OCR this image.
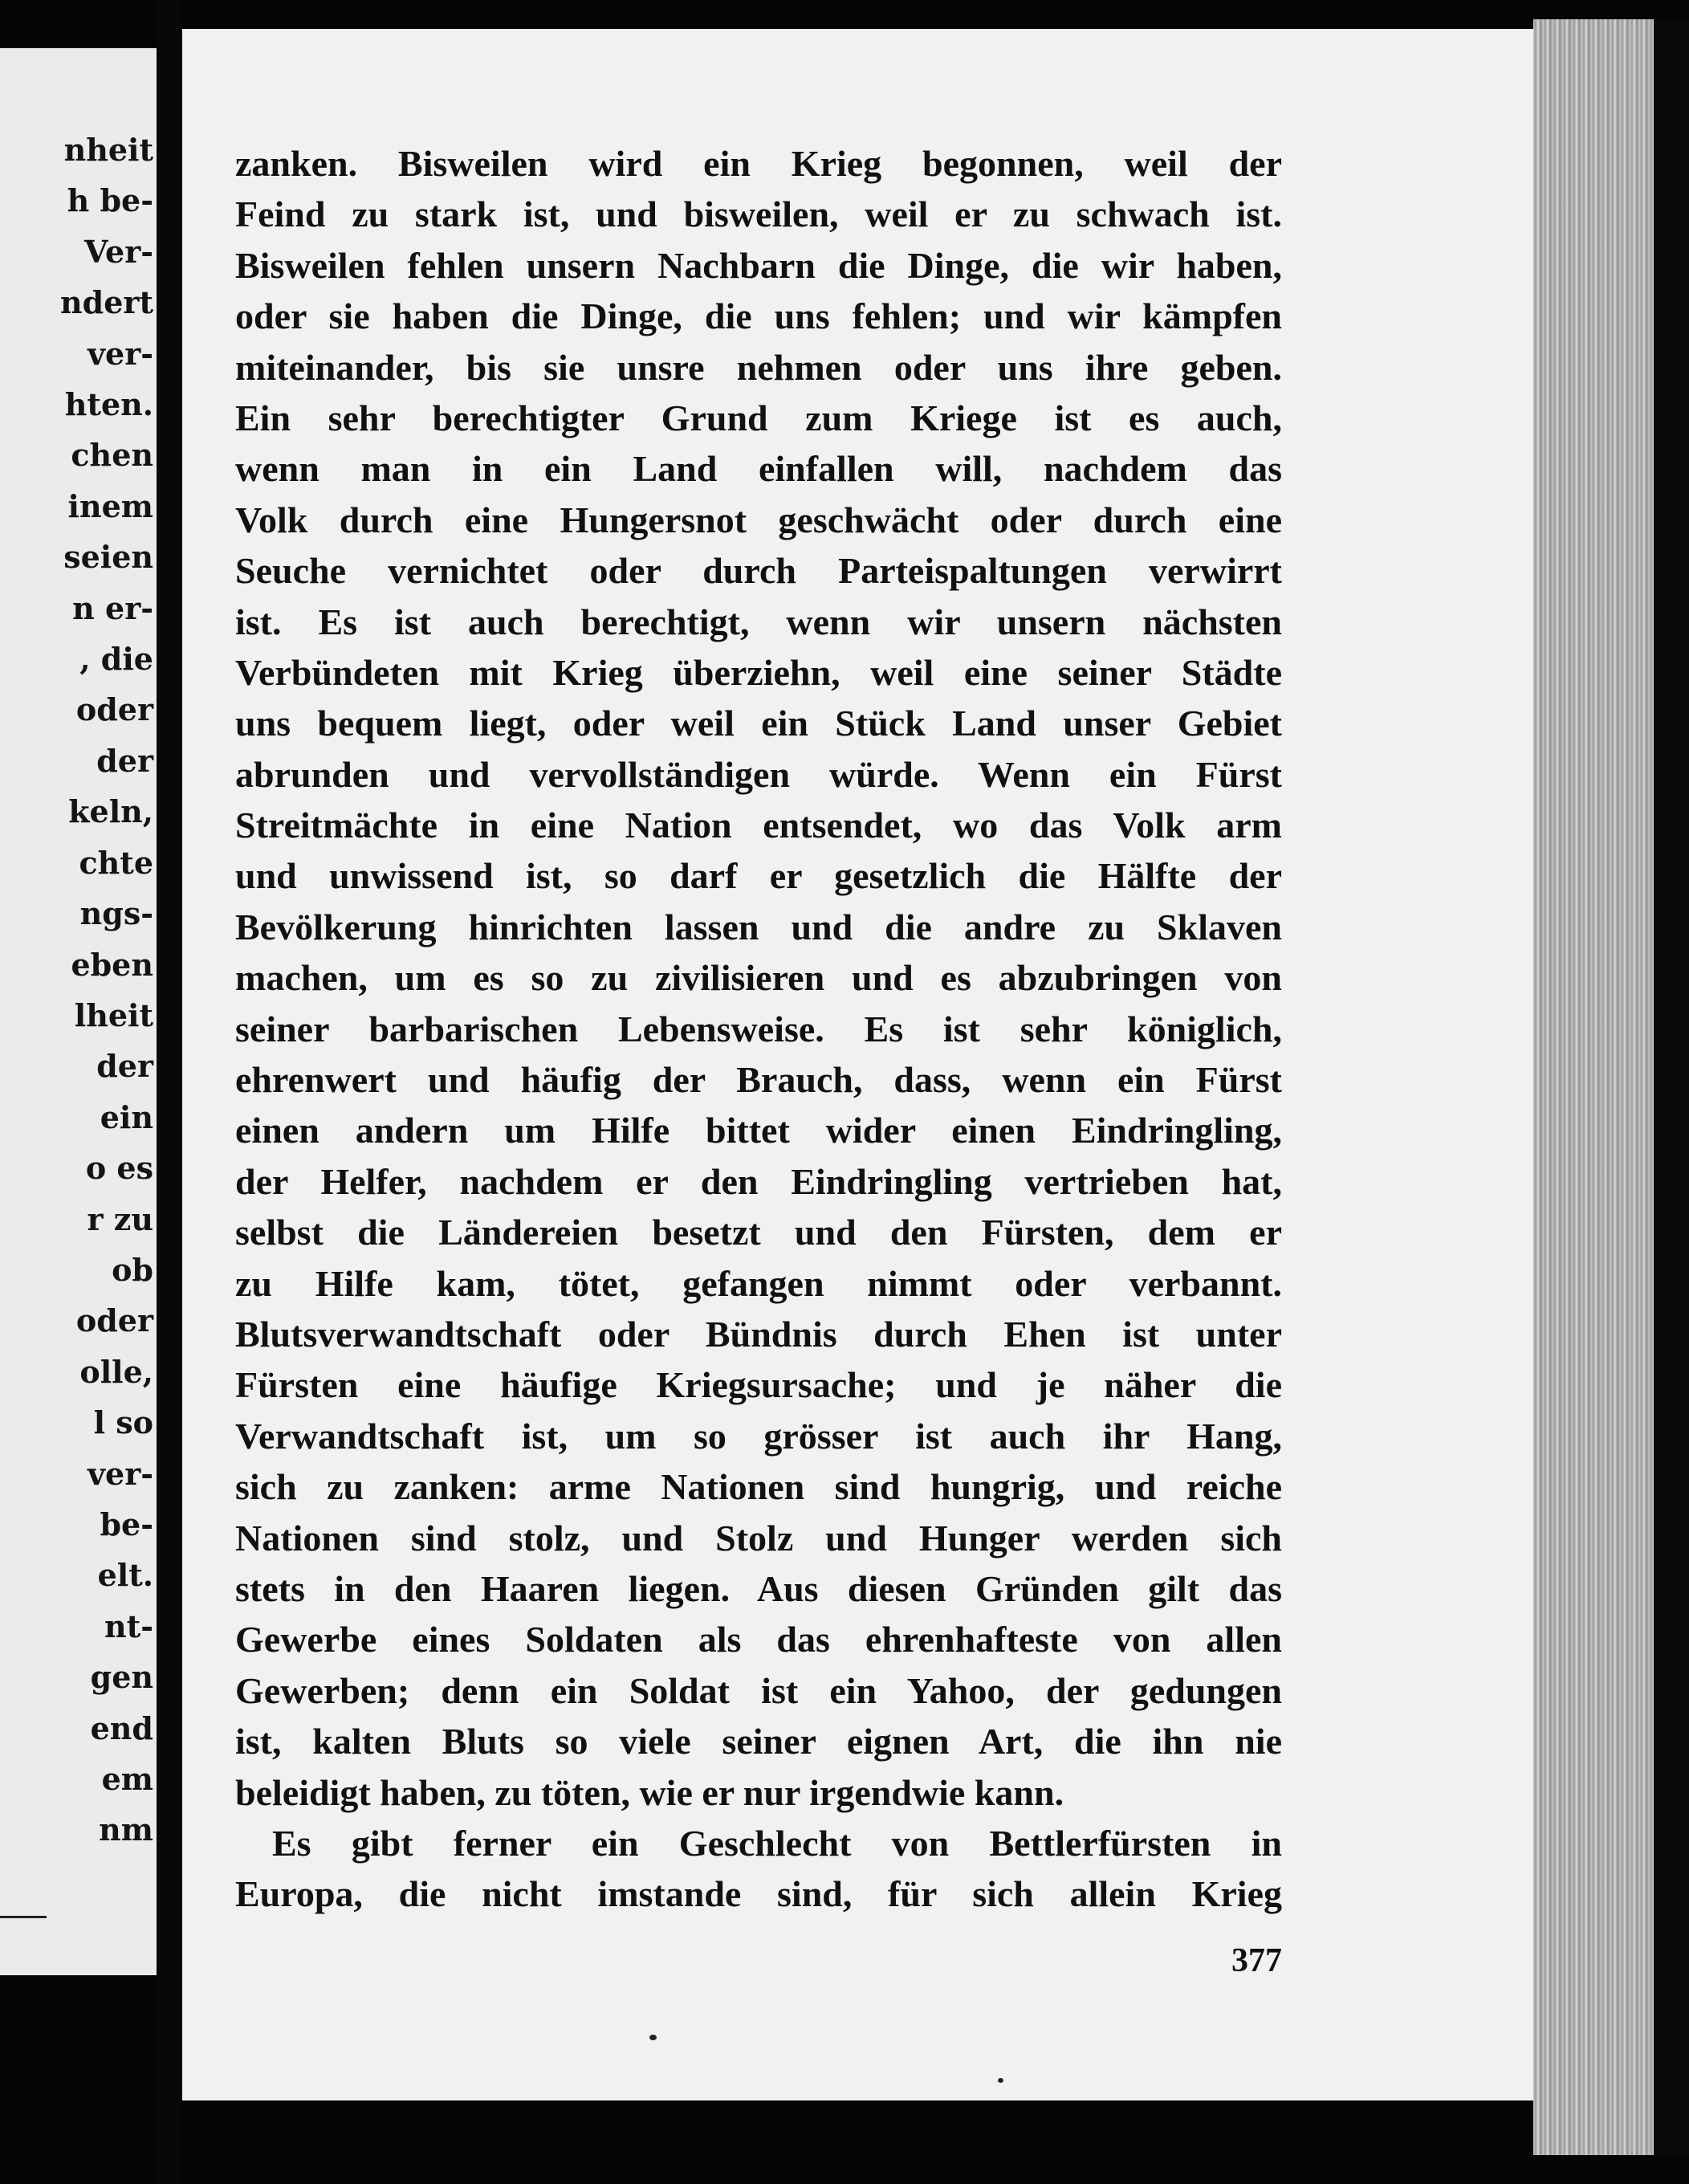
nheit
h be-
Ver-
ndert
ver-
hten.
chen
inem
seien
n er-
, die
oder
der
keln,
chte
ngs-
eben
lheit
der
ein
o es
r zu
ob
oder
olle,
l so
ver-
be-
elt.
nt-
gen
end
em
nm
zanken. Bisweilen wird ein Krieg begonnen, weil der
Feind zu stark ist, und bisweilen, weil er zu schwach ist.
Bisweilen fehlen unsern Nachbarn die Dinge, die wir haben,
oder sie haben die Dinge, die uns fehlen; und wir kämpfen
miteinander, bis sie unsre nehmen oder uns ihre geben.
Ein sehr berechtigter Grund zum Kriege ist es auch,
wenn man in ein Land einfallen will, nachdem das
Volk durch eine Hungersnot geschwächt oder durch eine
Seuche vernichtet oder durch Parteispaltungen verwirrt
ist. Es ist auch berechtigt, wenn wir unsern nächsten
Verbündeten mit Krieg überziehn, weil eine seiner Städte
uns bequem liegt, oder weil ein Stück Land unser Gebiet
abrunden und vervollständigen würde. Wenn ein Fürst
Streitmächte in eine Nation entsendet, wo das Volk arm
und unwissend ist, so darf er gesetzlich die Hälfte der
Bevölkerung hinrichten lassen und die andre zu Sklaven
machen, um es so zu zivilisieren und es abzubringen von
seiner barbarischen Lebensweise. Es ist sehr königlich,
ehrenwert und häufig der Brauch, dass, wenn ein Fürst
einen andern um Hilfe bittet wider einen Eindringling,
der Helfer, nachdem er den Eindringling vertrieben hat,
selbst die Ländereien besetzt und den Fürsten, dem er
zu Hilfe kam, tötet, gefangen nimmt oder verbannt.
Blutsverwandtschaft oder Bündnis durch Ehen ist unter
Fürsten eine häufige Kriegsursache; und je näher die
Verwandtschaft ist, um so grösser ist auch ihr Hang,
sich zu zanken: arme Nationen sind hungrig, und reiche
Nationen sind stolz, und Stolz und Hunger werden sich
stets in den Haaren liegen. Aus diesen Gründen gilt das
Gewerbe eines Soldaten als das ehrenhafteste von allen
Gewerben; denn ein Soldat ist ein Yahoo, der gedungen
ist, kalten Bluts so viele seiner eignen Art, die ihn nie
beleidigt haben, zu töten, wie er nur irgendwie kann.
Es gibt ferner ein Geschlecht von Bettlerfürsten in
Europa, die nicht imstande sind, für sich allein Krieg
377
